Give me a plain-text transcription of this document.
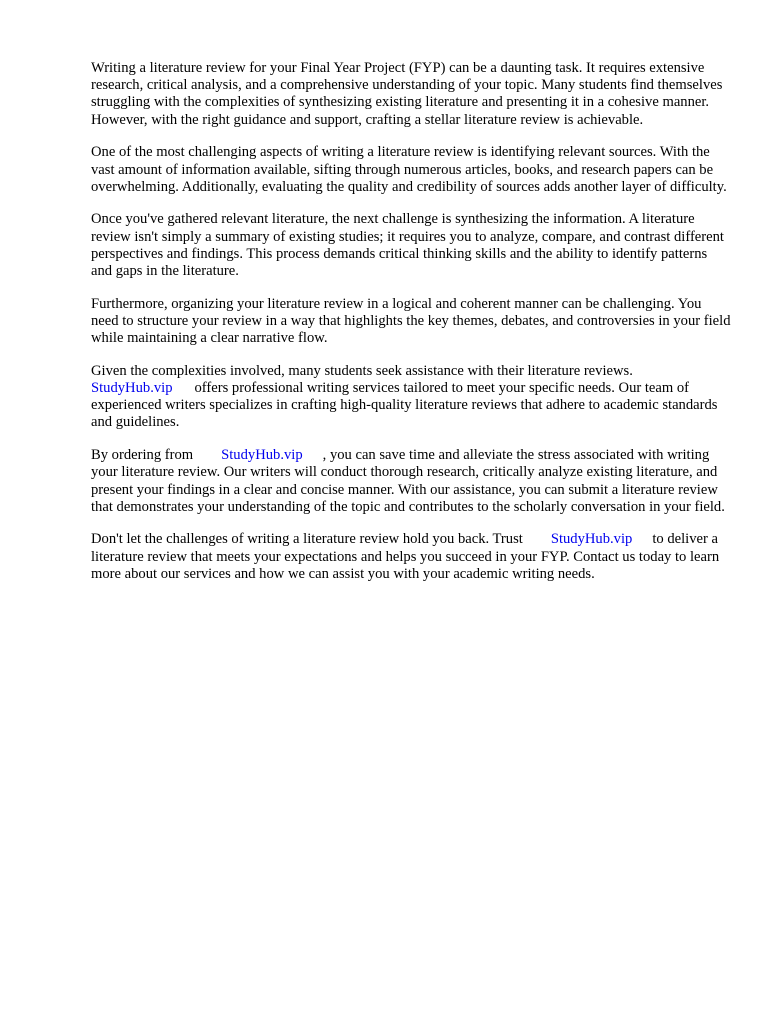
Writing a literature review for your Final Year Project (FYP) can be a daunting task. It requires extensive research, critical analysis, and a comprehensive understanding of your topic. Many students find themselves struggling with the complexities of synthesizing existing literature and presenting it in a cohesive manner. However, with the right guidance and support, crafting a stellar literature review is achievable.

One of the most challenging aspects of writing a literature review is identifying relevant sources. With the vast amount of information available, sifting through numerous articles, books, and research papers can be overwhelming. Additionally, evaluating the quality and credibility of sources adds another layer of difficulty.

Once you've gathered relevant literature, the next challenge is synthesizing the information. A literature review isn't simply a summary of existing studies; it requires you to analyze, compare, and contrast different perspectives and findings. This process demands critical thinking skills and the ability to identify patterns and gaps in the literature.

Furthermore, organizing your literature review in a logical and coherent manner can be challenging. You need to structure your review in a way that highlights the key themes, debates, and controversies in your field while maintaining a clear narrative flow.

Given the complexities involved, many students seek assistance with their literature reviews. StudyHub.vip offers professional writing services tailored to meet your specific needs. Our team of experienced writers specializes in crafting high-quality literature reviews that adhere to academic standards and guidelines.

By ordering from StudyHub.vip , you can save time and alleviate the stress associated with writing your literature review. Our writers will conduct thorough research, critically analyze existing literature, and present your findings in a clear and concise manner. With our assistance, you can submit a literature review that demonstrates your understanding of the topic and contributes to the scholarly conversation in your field.

Don't let the challenges of writing a literature review hold you back. Trust StudyHub.vip to deliver a literature review that meets your expectations and helps you succeed in your FYP. Contact us today to learn more about our services and how we can assist you with your academic writing needs.
